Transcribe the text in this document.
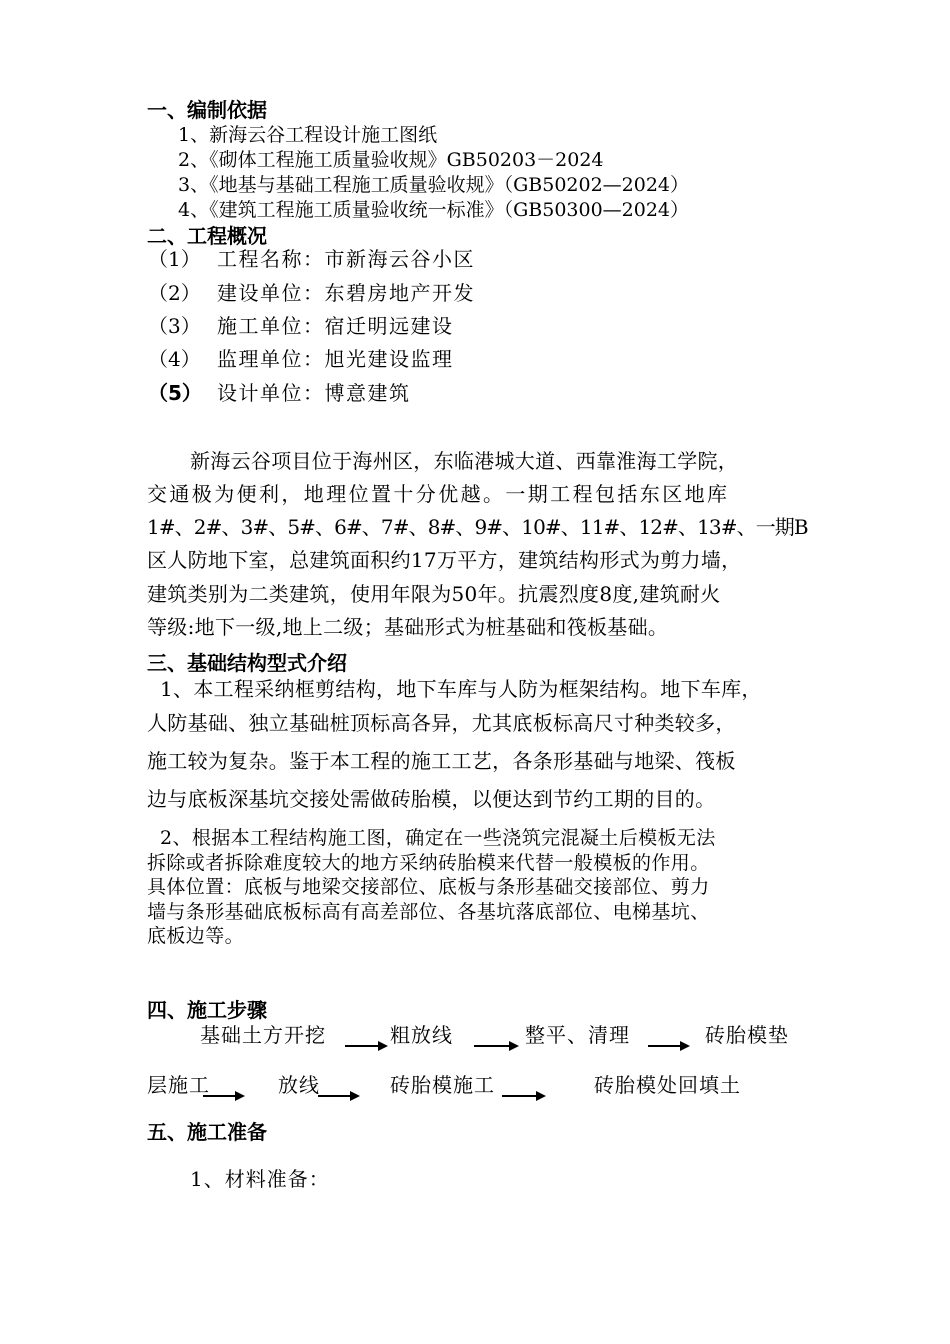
一、编制依据
1、新海云谷工程设计施工图纸
2、《砌体工程施工质量验收规》GB50203－2024
3、《地基与基础工程施工质量验收规》（GB50202—2024）
4、《建筑工程施工质量验收统一标准》（GB50300—2024）
二、工程概况
（1） 工程名称：市新海云谷小区
（2） 建设单位：东碧房地产开发
（3） 施工单位：宿迁明远建设
（4） 监理单位：旭光建设监理
（5） 设计单位：博意建筑
新海云谷项目位于海州区，东临港城大道、西靠淮海工学院，
交通极为便利，地理位置十分优越。一期工程包括东区地库
1#、2#、3#、5#、6#、7#、8#、9#、10#、11#、12#、13#、一期B
区人防地下室，总建筑面积约17万平方，建筑结构形式为剪力墙，
建筑类别为二类建筑，使用年限为50年。抗震烈度8度,建筑耐火
等级:地下一级,地上二级；基础形式为桩基础和筏板基础。
三、基础结构型式介绍
1、本工程采纳框剪结构，地下车库与人防为框架结构。地下车库，
人防基础、独立基础桩顶标高各异，尤其底板标高尺寸种类较多，
施工较为复杂。鉴于本工程的施工工艺，各条形基础与地梁、筏板
边与底板深基坑交接处需做砖胎模，以便达到节约工期的目的。
2、根据本工程结构施工图，确定在一些浇筑完混凝土后模板无法
拆除或者拆除难度较大的地方采纳砖胎模来代替一般模板的作用。
具体位置：底板与地梁交接部位、底板与条形基础交接部位、剪力
墙与条形基础底板标高有高差部位、各基坑落底部位、电梯基坑、
底板边等。
四、施工步骤
基础土方开挖	粗放线	整平、清理	砖胎模垫
层施工	放线	砖胎模施工	砖胎模处回填土
五、施工准备
1、材料准备：
